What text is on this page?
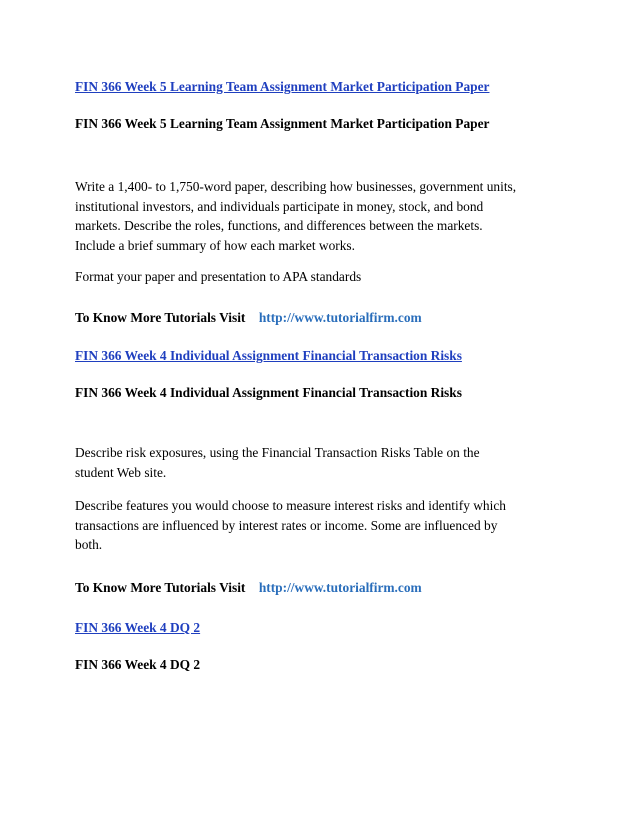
FIN 366 Week 5 Learning Team Assignment Market Participation Paper
FIN 366 Week 5 Learning Team Assignment Market Participation Paper
Write a 1,400- to 1,750-word paper, describing how businesses, government units,
institutional investors, and individuals participate in money, stock, and bond
markets. Describe the roles, functions, and differences between the markets.
Include a brief summary of how each market works.
Format your paper and presentation to APA standards
To Know More Tutorials Visit http://www.tutorialfirm.com
FIN 366 Week 4 Individual Assignment Financial Transaction Risks
FIN 366 Week 4 Individual Assignment Financial Transaction Risks
Describe risk exposures, using the Financial Transaction Risks Table on the
student Web site.
Describe features you would choose to measure interest risks and identify which
transactions are influenced by interest rates or income. Some are influenced by
both.
To Know More Tutorials Visit http://www.tutorialfirm.com
FIN 366 Week 4 DQ 2
FIN 366 Week 4 DQ 2
